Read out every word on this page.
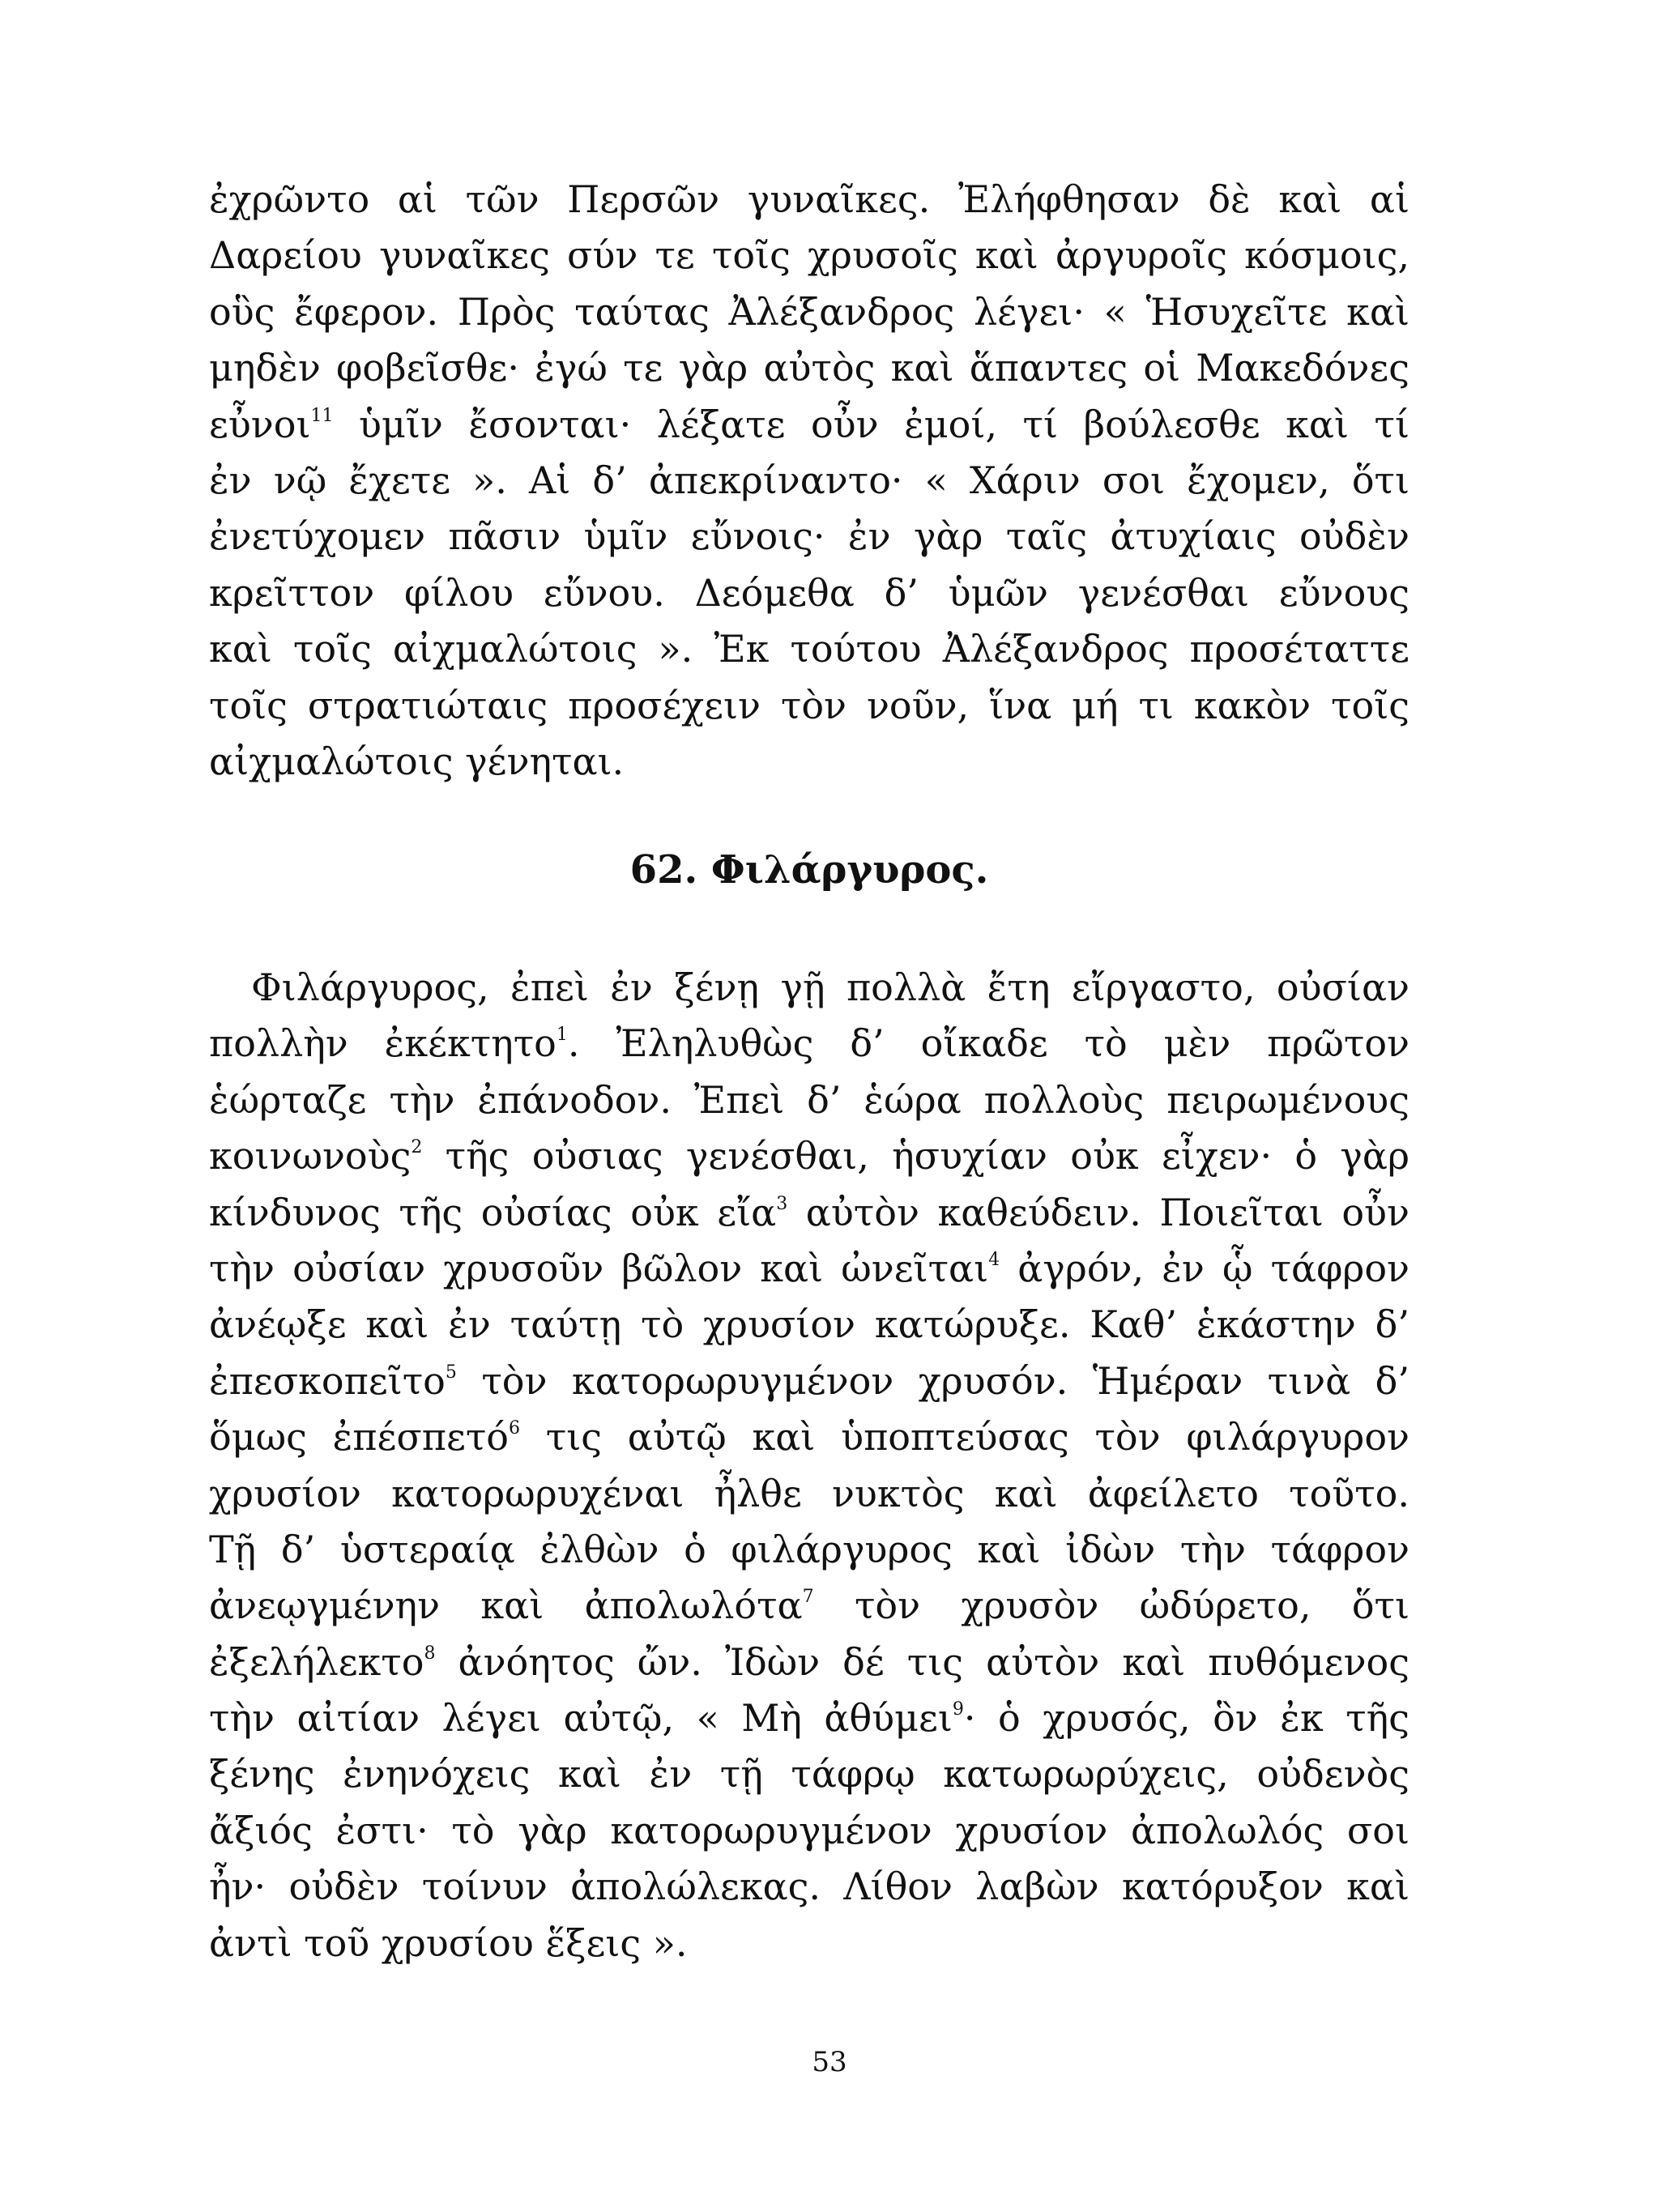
ἐχρῶντο αἱ τῶν Περσῶν γυναῖκες. Ἐλήφθησαν δὲ καὶ αἱ
Δαρείου γυναῖκες σύν τε τοῖς χρυσοῖς καὶ ἀργυροῖς κόσμοις,
οὓς ἔφερον. Πρὸς ταύτας Ἀλέξανδρος λέγει· « Ἡσυχεῖτε καὶ
μηδὲν φοβεῖσθε· ἐγώ τε γὰρ αὐτὸς καὶ ἅπαντες οἱ Μακεδόνες
εὖνοι$^{11}$ ὑμῖν ἔσονται· λέξατε οὖν ἐμοί, τί βούλεσθε καὶ τί
ἐν νῷ ἔχετε ». Αἱ δ’ ἀπεκρίναντο· « Χάριν σοι ἔχομεν, ὅτι
ἐνετύχομεν πᾶσιν ὑμῖν εὔνοις· ἐν γὰρ ταῖς ἀτυχίαις οὐδὲν
κρεῖττον φίλου εὔνου. Δεόμεθα δ’ ὑμῶν γενέσθαι εὔνους
καὶ τοῖς αἰχμαλώτοις ». Ἐκ τούτου Ἀλέξανδρος προσέταττε
τοῖς στρατιώταις προσέχειν τὸν νοῦν, ἵνα μή τι κακὸν τοῖς
αἰχμαλώτοις γένηται.
62. Φιλάργυρος.
Φιλάργυρος, ἐπεὶ ἐν ξένῃ γῇ πολλὰ ἔτη εἴργαστο, οὐσίαν
πολλὴν ἐκέκτητο$^1$. Ἐληλυθὼς δ’ οἴκαδε τὸ μὲν πρῶτον
ἑώρταζε τὴν ἐπάνοδον. Ἐπεὶ δ’ ἑώρα πολλοὺς πειρωμένους
κοινωνοὺς$^2$ τῆς οὐσιας γενέσθαι, ἡσυχίαν οὐκ εἶχεν· ὁ γὰρ
κίνδυνος τῆς οὐσίας οὐκ εἴα$^3$ αὐτὸν καθεύδειν. Ποιεῖται οὖν
τὴν οὐσίαν χρυσοῦν βῶλον καὶ ὠνεῖται$^4$ ἀγρόν, ἐν ᾧ τάφρον
ἀνέῳξε καὶ ἐν ταύτῃ τὸ χρυσίον κατώρυξε. Καθ’ ἑκάστην δ’
ἐπεσκοπεῖτο$^5$ τὸν κατορωρυγμένον χρυσόν. Ἡμέραν τινὰ δ’
ὅμως ἐπέσπετό$^6$ τις αὐτῷ καὶ ὑποπτεύσας τὸν φιλάργυρον
χρυσίον κατορωρυχέναι ἦλθε νυκτὸς καὶ ἀφείλετο τοῦτο.
Τῇ δ’ ὑστεραίᾳ ἐλθὼν ὁ φιλάργυρος καὶ ἰδὼν τὴν τάφρον
ἀνεῳγμένην καὶ ἀπολωλότα$^7$ τὸν χρυσὸν ὠδύρετο, ὅτι
ἐξελήλεκτο$^8$ ἀνόητος ὤν. Ἰδὼν δέ τις αὐτὸν καὶ πυθόμενος
τὴν αἰτίαν λέγει αὐτῷ, « Μὴ ἀθύμει$^9$· ὁ χρυσός, ὃν ἐκ τῆς
ξένης ἐνηνόχεις καὶ ἐν τῇ τάφρῳ κατωρωρύχεις, οὐδενὸς
ἄξιός ἐστι· τὸ γὰρ κατορωρυγμένον χρυσίον ἀπολωλός σοι
ἦν· οὐδὲν τοίνυν ἀπολώλεκας. Λίθον λαβὼν κατόρυξον καὶ
ἀντὶ τοῦ χρυσίου ἕξεις ».
53
